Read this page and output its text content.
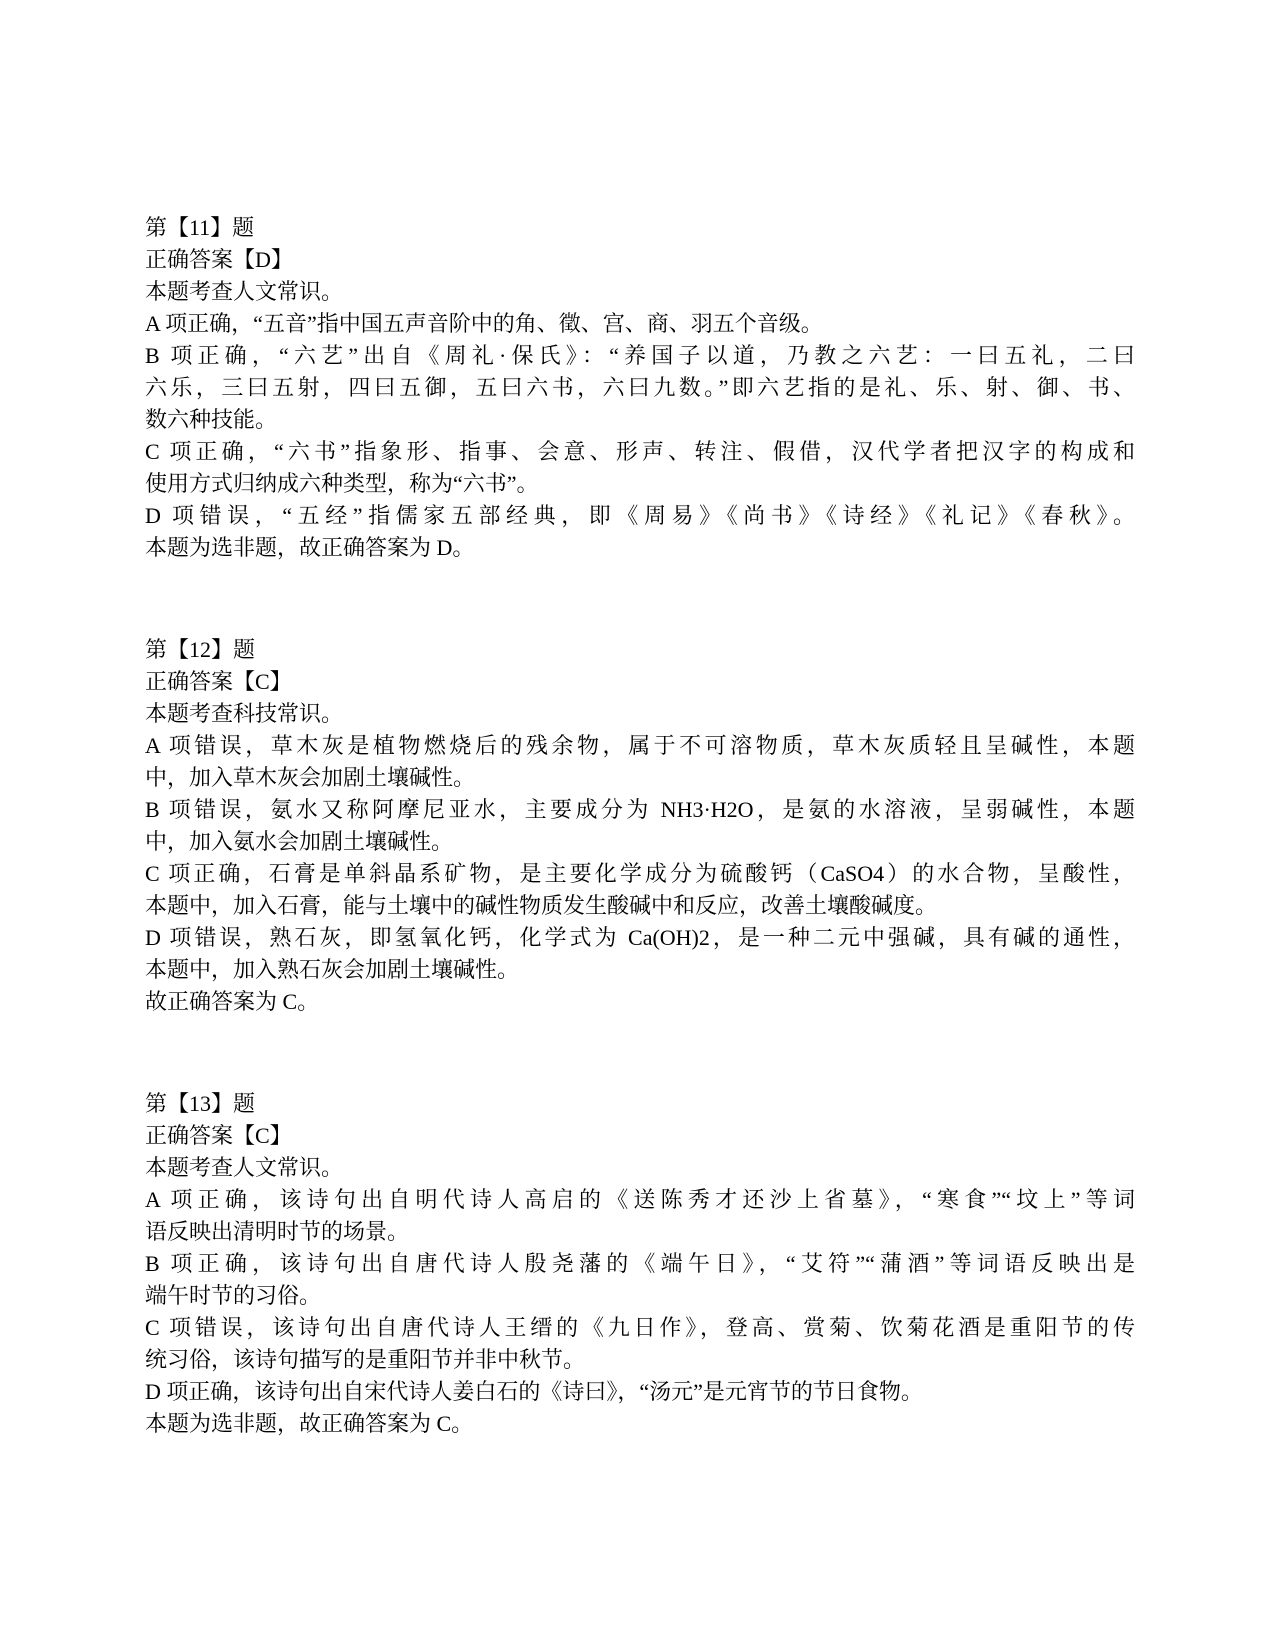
第【11】题
正确答案【D】
本题考查人文常识。
A 项正确，“五音”指中国五声音阶中的角、徵、宫、商、羽五个音级。
B 项正确，“六艺”出自《周礼·保氏》：“养国子以道，乃教之六艺：一曰五礼，二曰
六乐，三曰五射，四曰五御，五曰六书，六曰九数。”即六艺指的是礼、乐、射、御、书、
数六种技能。
C 项正确，“六书”指象形、指事、会意、形声、转注、假借，汉代学者把汉字的构成和
使用方式归纳成六种类型，称为“六书”。
D 项错误，“五经”指儒家五部经典，即《周易》《尚书》《诗经》《礼记》《春秋》。
本题为选非题，故正确答案为 D。
第【12】题
正确答案【C】
本题考查科技常识。
A 项错误，草木灰是植物燃烧后的残余物，属于不可溶物质，草木灰质轻且呈碱性，本题
中，加入草木灰会加剧土壤碱性。
B 项错误，氨水又称阿摩尼亚水，主要成分为 NH3·H2O，是氨的水溶液，呈弱碱性，本题
中，加入氨水会加剧土壤碱性。
C 项正确，石膏是单斜晶系矿物，是主要化学成分为硫酸钙（CaSO4）的水合物，呈酸性，
本题中，加入石膏，能与土壤中的碱性物质发生酸碱中和反应，改善土壤酸碱度。
D 项错误，熟石灰，即氢氧化钙，化学式为 Ca(OH)2，是一种二元中强碱，具有碱的通性，
本题中，加入熟石灰会加剧土壤碱性。
故正确答案为 C。
第【13】题
正确答案【C】
本题考查人文常识。
A 项正确，该诗句出自明代诗人高启的《送陈秀才还沙上省墓》，“寒食”“坟上”等词
语反映出清明时节的场景。
B 项正确，该诗句出自唐代诗人殷尧藩的《端午日》，“艾符”“蒲酒”等词语反映出是
端午时节的习俗。
C 项错误，该诗句出自唐代诗人王缙的《九日作》，登高、赏菊、饮菊花酒是重阳节的传
统习俗，该诗句描写的是重阳节并非中秋节。
D 项正确，该诗句出自宋代诗人姜白石的《诗曰》，“汤元”是元宵节的节日食物。
本题为选非题，故正确答案为 C。
